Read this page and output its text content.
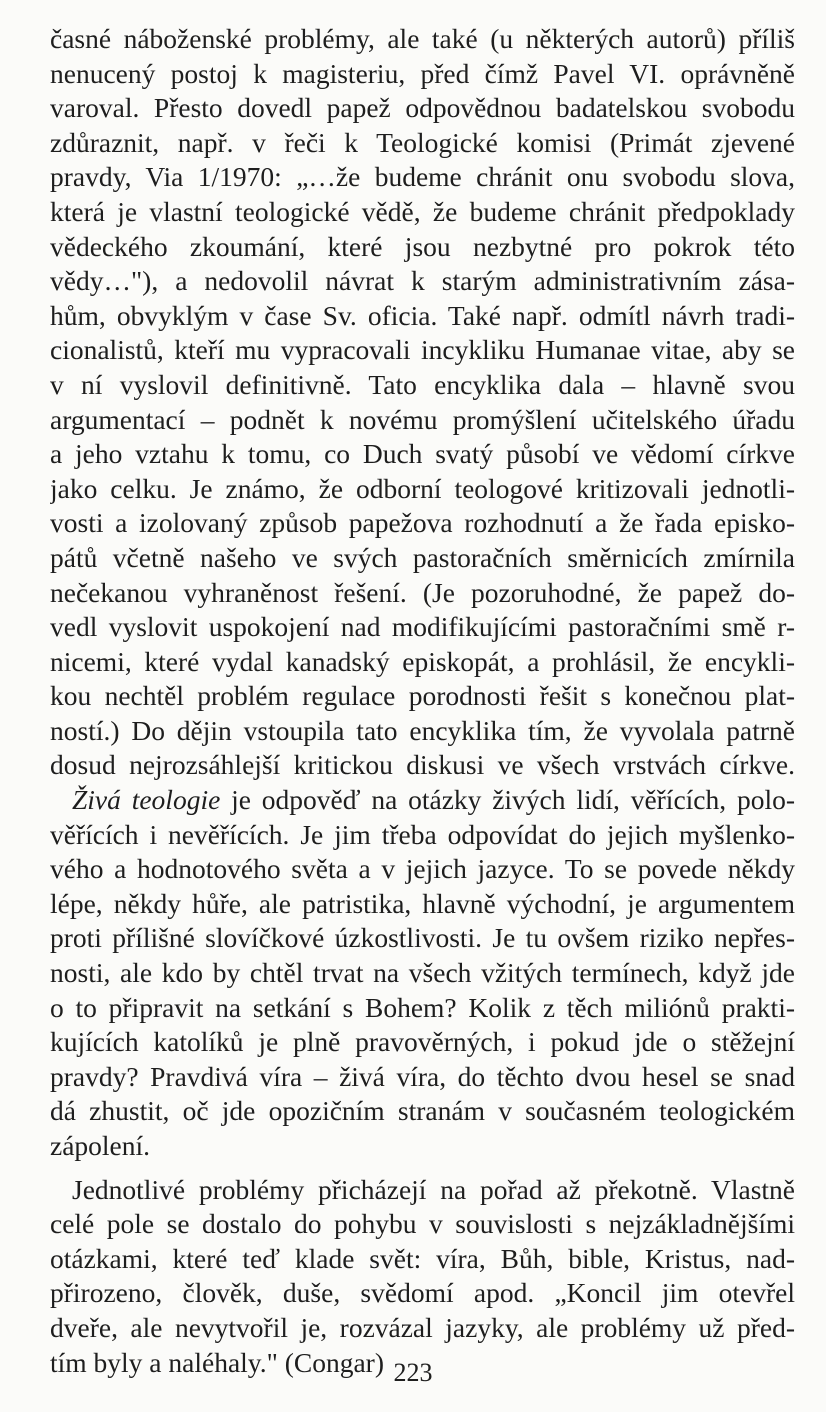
časné náboženské problémy, ale také (u některých autorů) příliš
nenucený postoj k magisteriu, před čímž Pavel VI. oprávněně
varoval. Přesto dovedl papež odpovědnou badatelskou svobodu
zdůraznit, např. v řeči k Teologické komisi (Primát zjevené
pravdy, Via 1/1970: „…že budeme chránit onu svobodu slova,
která je vlastní teologické vědě, že budeme chránit předpoklady
vědeckého zkoumání, které jsou nezbytné pro pokrok této
vědy…"), a nedovolil návrat k starým administrativním zása-
hům, obvyklým v čase Sv. oficia. Také např. odmítl návrh tradi-
cionalistů, kteří mu vypracovali incykliku Humanae vitae, aby se
v ní vyslovil definitivně. Tato encyklika dala – hlavně svou
argumentací – podnět k novému promýšlení učitelského úřadu
a jeho vztahu k tomu, co Duch svatý působí ve vědomí církve
jako celku. Je známo, že odborní teologové kritizovali jednotli-
vosti a izolovaný způsob papežova rozhodnutí a že řada episko-
pátů včetně našeho ve svých pastoračních směrnicích zmírnila
nečekanou vyhraněnost řešení. (Je pozoruhodné, že papež do-
vedl vyslovit uspokojení nad modifikujícími pastoračními smě r-
nicemi, které vydal kanadský episkopát, a prohlásil, že encykli-
kou nechtěl problém regulace porodnosti řešit s konečnou plat-
ností.) Do dějin vstoupila tato encyklika tím, že vyvolala patrně
dosud nejrozsáhlejší kritickou diskusi ve všech vrstvách církve.
Živá teologie je odpověď na otázky živých lidí, věřících, polo-
věřících i nevěřících. Je jim třeba odpovídat do jejich myšlenko-
vého a hodnotového světa a v jejich jazyce. To se povede někdy
lépe, někdy hůře, ale patristika, hlavně východní, je argumentem
proti přílišné slovíčkové úzkostlivosti. Je tu ovšem riziko nepřes-
nosti, ale kdo by chtěl trvat na všech vžitých termínech, když jde
o to připravit na setkání s Bohem? Kolik z těch miliónů prakti-
kujících katolíků je plně pravověrných, i pokud jde o stěžejní
pravdy? Pravdivá víra – živá víra, do těchto dvou hesel se snad
dá zhustit, oč jde opozičním stranám v současném teologickém
zápolení.
Jednotlivé problémy přicházejí na pořad až překotně. Vlastně
celé pole se dostalo do pohybu v souvislosti s nejzákladnějšími
otázkami, které teď klade svět: víra, Bůh, bible, Kristus, nad-
přirozeno, člověk, duše, svědomí apod. „Koncil jim otevřel
dveře, ale nevytvořil je, rozvázal jazyky, ale problémy už před-
tím byly a naléhaly." (Congar) 223
